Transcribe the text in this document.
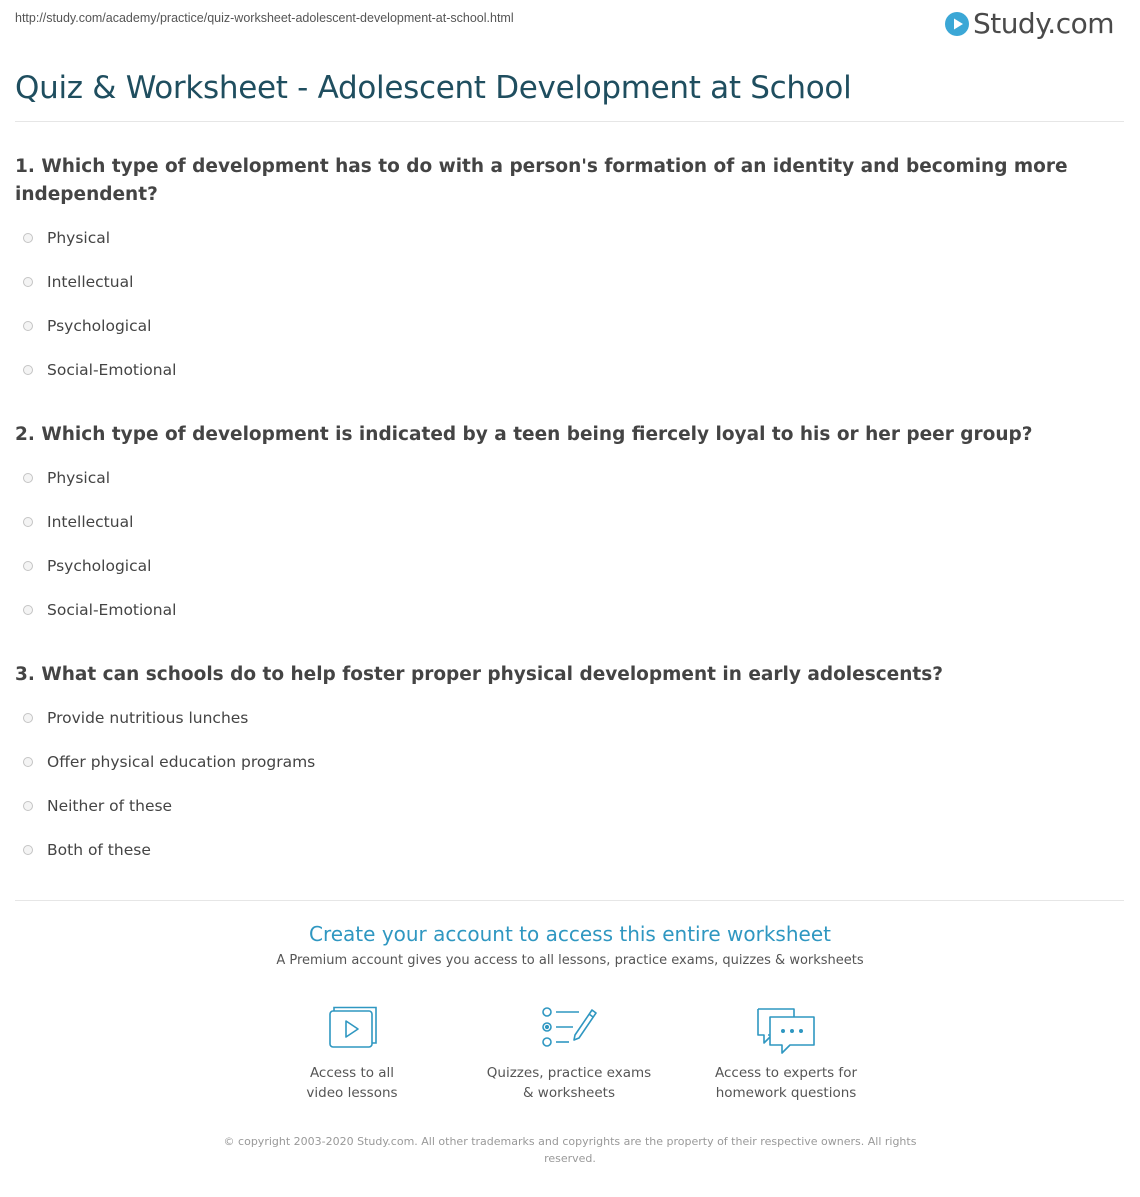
http://study.com/academy/practice/quiz-worksheet-adolescent-development-at-school.html	Study.com
Quiz & Worksheet - Adolescent Development at School

1. Which type of development has to do with a person's formation of an identity and becoming more independent?

Physical
Intellectual
Psychological
Social-Emotional

2. Which type of development is indicated by a teen being fiercely loyal to his or her peer group?

Physical
Intellectual
Psychological
Social-Emotional

3. What can schools do to help foster proper physical development in early adolescents?

Provide nutritious lunches
Offer physical education programs
Neither of these
Both of these
Create your account to access this entire worksheet
A Premium account gives you access to all lessons, practice exams, quizzes & worksheets
Access to all
video lessons
Quizzes, practice exams
& worksheets
Access to experts for
homework questions
© copyright 2003-2020 Study.com. All other trademarks and copyrights are the property of their respective owners. All rights
reserved.
